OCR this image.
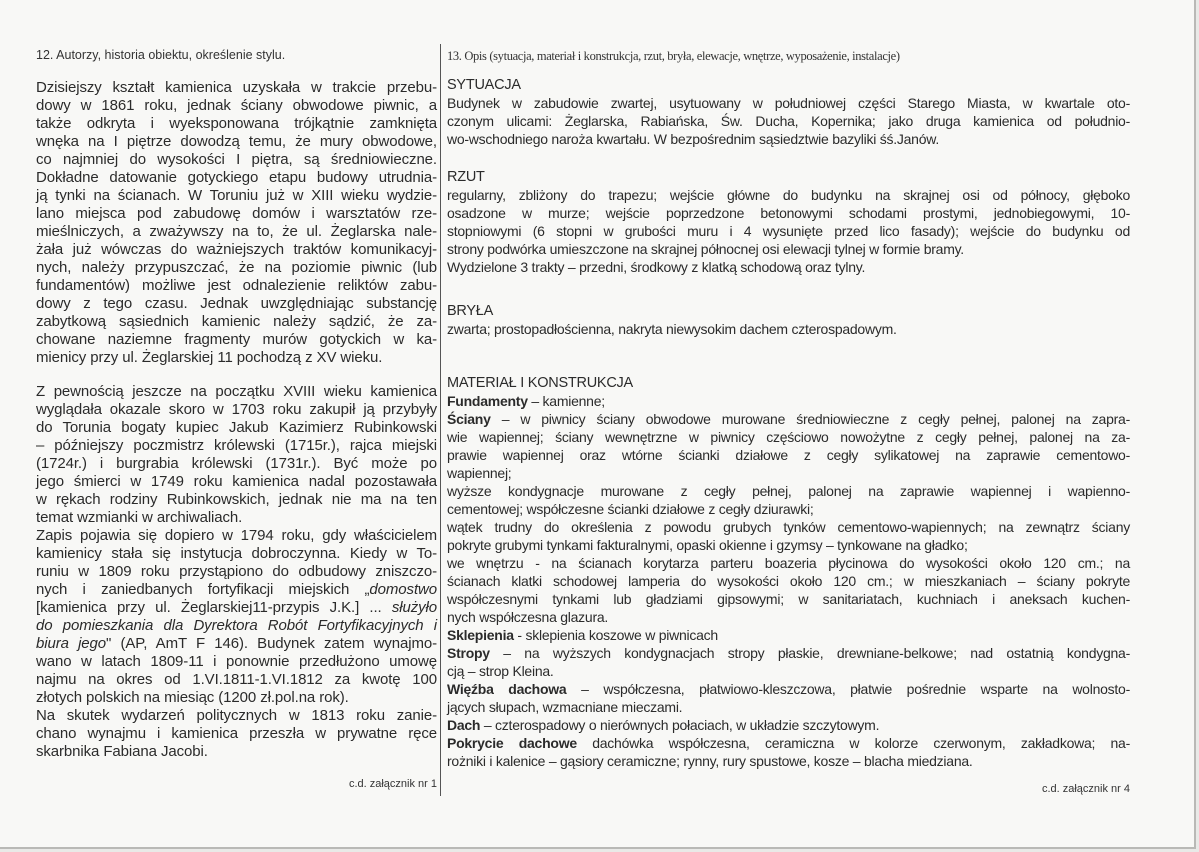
12. Autorzy, historia obiektu, określenie stylu.	13. Opis (sytuacja, materiał i konstrukcja, rzut, bryła, elewacje, wnętrze, wyposażenie, instalacje)
Dzisiejszy kształt kamienica uzyskała w trakcie przebu-
dowy w 1861 roku, jednak ściany obwodowe piwnic, a
także odkryta i wyeksponowana trójkątnie zamknięta
wnęka na I piętrze dowodzą temu, że mury obwodowe,
co najmniej do wysokości I piętra, są średniowieczne.
Dokładne datowanie gotyckiego etapu budowy utrudnia-
ją tynki na ścianach. W Toruniu już w XIII wieku wydzie-
lano miejsca pod zabudowę domów i warsztatów rze-
mieślniczych, a zważywszy na to, że ul. Żeglarska nale-
żała już wówczas do ważniejszych traktów komunikacyj-
nych, należy przypuszczać, że na poziomie piwnic (lub
fundamentów) możliwe jest odnalezienie reliktów zabu-
dowy z tego czasu. Jednak uwzględniając substancję
zabytkową sąsiednich kamienic należy sądzić, że za-
chowane naziemne fragmenty murów gotyckich w ka-
mienicy przy ul. Żeglarskiej 11 pochodzą z XV wieku.
Z pewnością jeszcze na początku XVIII wieku kamienica
wyglądała okazale skoro w 1703 roku zakupił ją przybyły
do Torunia bogaty kupiec Jakub Kazimierz Rubinkowski
– późniejszy poczmistrz królewski (1715r.), rajca miejski
(1724r.) i burgrabia królewski (1731r.). Być może po
jego śmierci w 1749 roku kamienica nadal pozostawała
w rękach rodziny Rubinkowskich, jednak nie ma na ten
temat wzmianki w archiwaliach.
Zapis pojawia się dopiero w 1794 roku, gdy właścicielem
kamienicy stała się instytucja dobroczynna. Kiedy w To-
runiu w 1809 roku przystąpiono do odbudowy zniszczo-
nych i zaniedbanych fortyfikacji miejskich „domostwo
[kamienica przy ul. Żeglarskiej11-przypis J.K.] ... służyło
do pomieszkania dla Dyrektora Robót Fortyfikacyjnych i
biura jego" (AP, AmT F 146). Budynek zatem wynajmo-
wano w latach 1809-11 i ponownie przedłużono umowę
najmu na okres od 1.VI.1811-1.VI.1812 za kwotę 100
złotych polskich na miesiąc (1200 zł.pol.na rok).
Na skutek wydarzeń politycznych w 1813 roku zanie-
chano wynajmu i kamienica przeszła w prywatne ręce
skarbnika Fabiana Jacobi.
c.d. załącznik nr 1
SYTUACJA
Budynek w zabudowie zwartej, usytuowany w południowej części Starego Miasta, w kwartale oto-
czonym ulicami: Żeglarska, Rabiańska, Św. Ducha, Kopernika; jako druga kamienica od południo-
wo-wschodniego naroża kwartału. W bezpośrednim sąsiedztwie bazyliki śś.Janów.
RZUT
regularny, zbliżony do trapezu; wejście główne do budynku na skrajnej osi od północy, głęboko
osadzone w murze; wejście poprzedzone betonowymi schodami prostymi, jednobiegowymi, 10-
stopniowymi (6 stopni w grubości muru i 4 wysunięte przed lico fasady); wejście do budynku od
strony podwórka umieszczone na skrajnej północnej osi elewacji tylnej w formie bramy.
Wydzielone 3 trakty – przedni, środkowy z klatką schodową oraz tylny.
BRYŁA
zwarta; prostopadłościenna, nakryta niewysokim dachem czterospadowym.
MATERIAŁ I KONSTRUKCJA
Fundamenty – kamienne;
Ściany – w piwnicy ściany obwodowe murowane średniowieczne z cegły pełnej, palonej na zapra-
wie wapiennej; ściany wewnętrzne w piwnicy częściowo nowożytne z cegły pełnej, palonej na za-
prawie wapiennej oraz wtórne ścianki działowe z cegły sylikatowej na zaprawie cementowo-
wapiennej;
wyższe kondygnacje murowane z cegły pełnej, palonej na zaprawie wapiennej i wapienno-
cementowej; współczesne ścianki działowe z cegły dziurawki;
wątek trudny do określenia z powodu grubych tynków cementowo-wapiennych; na zewnątrz ściany
pokryte grubymi tynkami fakturalnymi, opaski okienne i gzymsy – tynkowane na gładko;
we wnętrzu - na ścianach korytarza parteru boazeria płycinowa do wysokości około 120 cm.; na
ścianach klatki schodowej lamperia do wysokości około 120 cm.; w mieszkaniach – ściany pokryte
współczesnymi tynkami lub gładziami gipsowymi; w sanitariatach, kuchniach i aneksach kuchen-
nych współczesna glazura.
Sklepienia - sklepienia koszowe w piwnicach
Stropy – na wyższych kondygnacjach stropy płaskie, drewniane-belkowe; nad ostatnią kondygna-
cją – strop Kleina.
Więźba dachowa – współczesna, płatwiowo-kleszczowa, płatwie pośrednie wsparte na wolnosto-
jących słupach, wzmacniane mieczami.
Dach – czterospadowy o nierównych połaciach, w układzie szczytowym.
Pokrycie dachowe dachówka współczesna, ceramiczna w kolorze czerwonym, zakładkowa; na-
rożniki i kalenice – gąsiory ceramiczne; rynny, rury spustowe, kosze – blacha miedziana.
c.d. załącznik nr 4
